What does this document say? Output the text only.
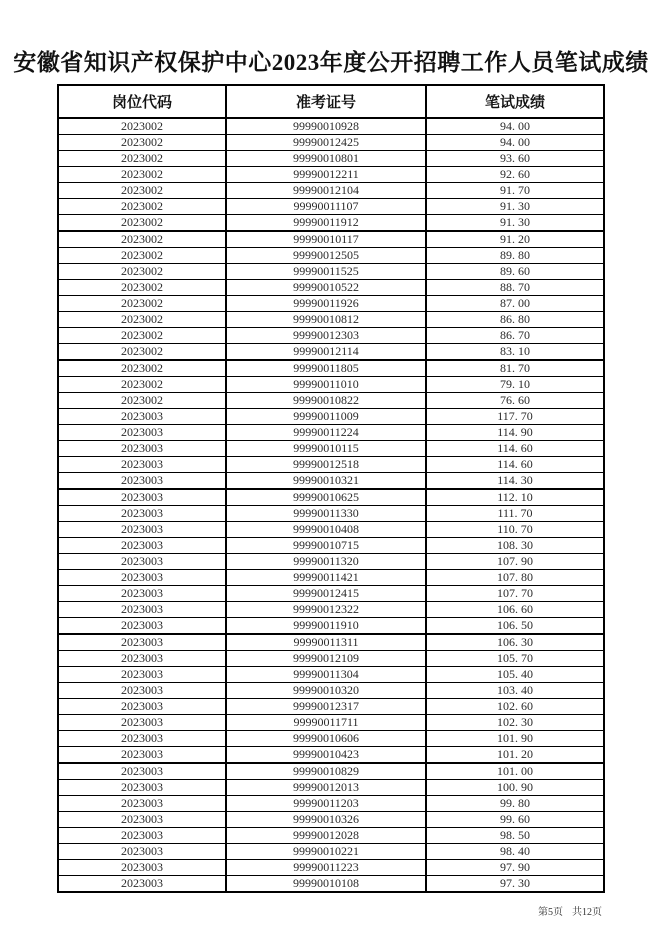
安徽省知识产权保护中心2023年度公开招聘工作人员笔试成绩
岗位代码	准考证号	笔试成绩
2023002	99990010928	94. 00
2023002	99990012425	94. 00
2023002	99990010801	93. 60
2023002	99990012211	92. 60
2023002	99990012104	91. 70
2023002	99990011107	91. 30
2023002	99990011912	91. 30
2023002	99990010117	91. 20
2023002	99990012505	89. 80
2023002	99990011525	89. 60
2023002	99990010522	88. 70
2023002	99990011926	87. 00
2023002	99990010812	86. 80
2023002	99990012303	86. 70
2023002	99990012114	83. 10
2023002	99990011805	81. 70
2023002	99990011010	79. 10
2023002	99990010822	76. 60
2023003	99990011009	117. 70
2023003	99990011224	114. 90
2023003	99990010115	114. 60
2023003	99990012518	114. 60
2023003	99990010321	114. 30
2023003	99990010625	112. 10
2023003	99990011330	111. 70
2023003	99990010408	110. 70
2023003	99990010715	108. 30
2023003	99990011320	107. 90
2023003	99990011421	107. 80
2023003	99990012415	107. 70
2023003	99990012322	106. 60
2023003	99990011910	106. 50
2023003	99990011311	106. 30
2023003	99990012109	105. 70
2023003	99990011304	105. 40
2023003	99990010320	103. 40
2023003	99990012317	102. 60
2023003	99990011711	102. 30
2023003	99990010606	101. 90
2023003	99990010423	101. 20
2023003	99990010829	101. 00
2023003	99990012013	100. 90
2023003	99990011203	99. 80
2023003	99990010326	99. 60
2023003	99990012028	98. 50
2023003	99990010221	98. 40
2023003	99990011223	97. 90
2023003	99990010108	97. 30
第5页 共12页
